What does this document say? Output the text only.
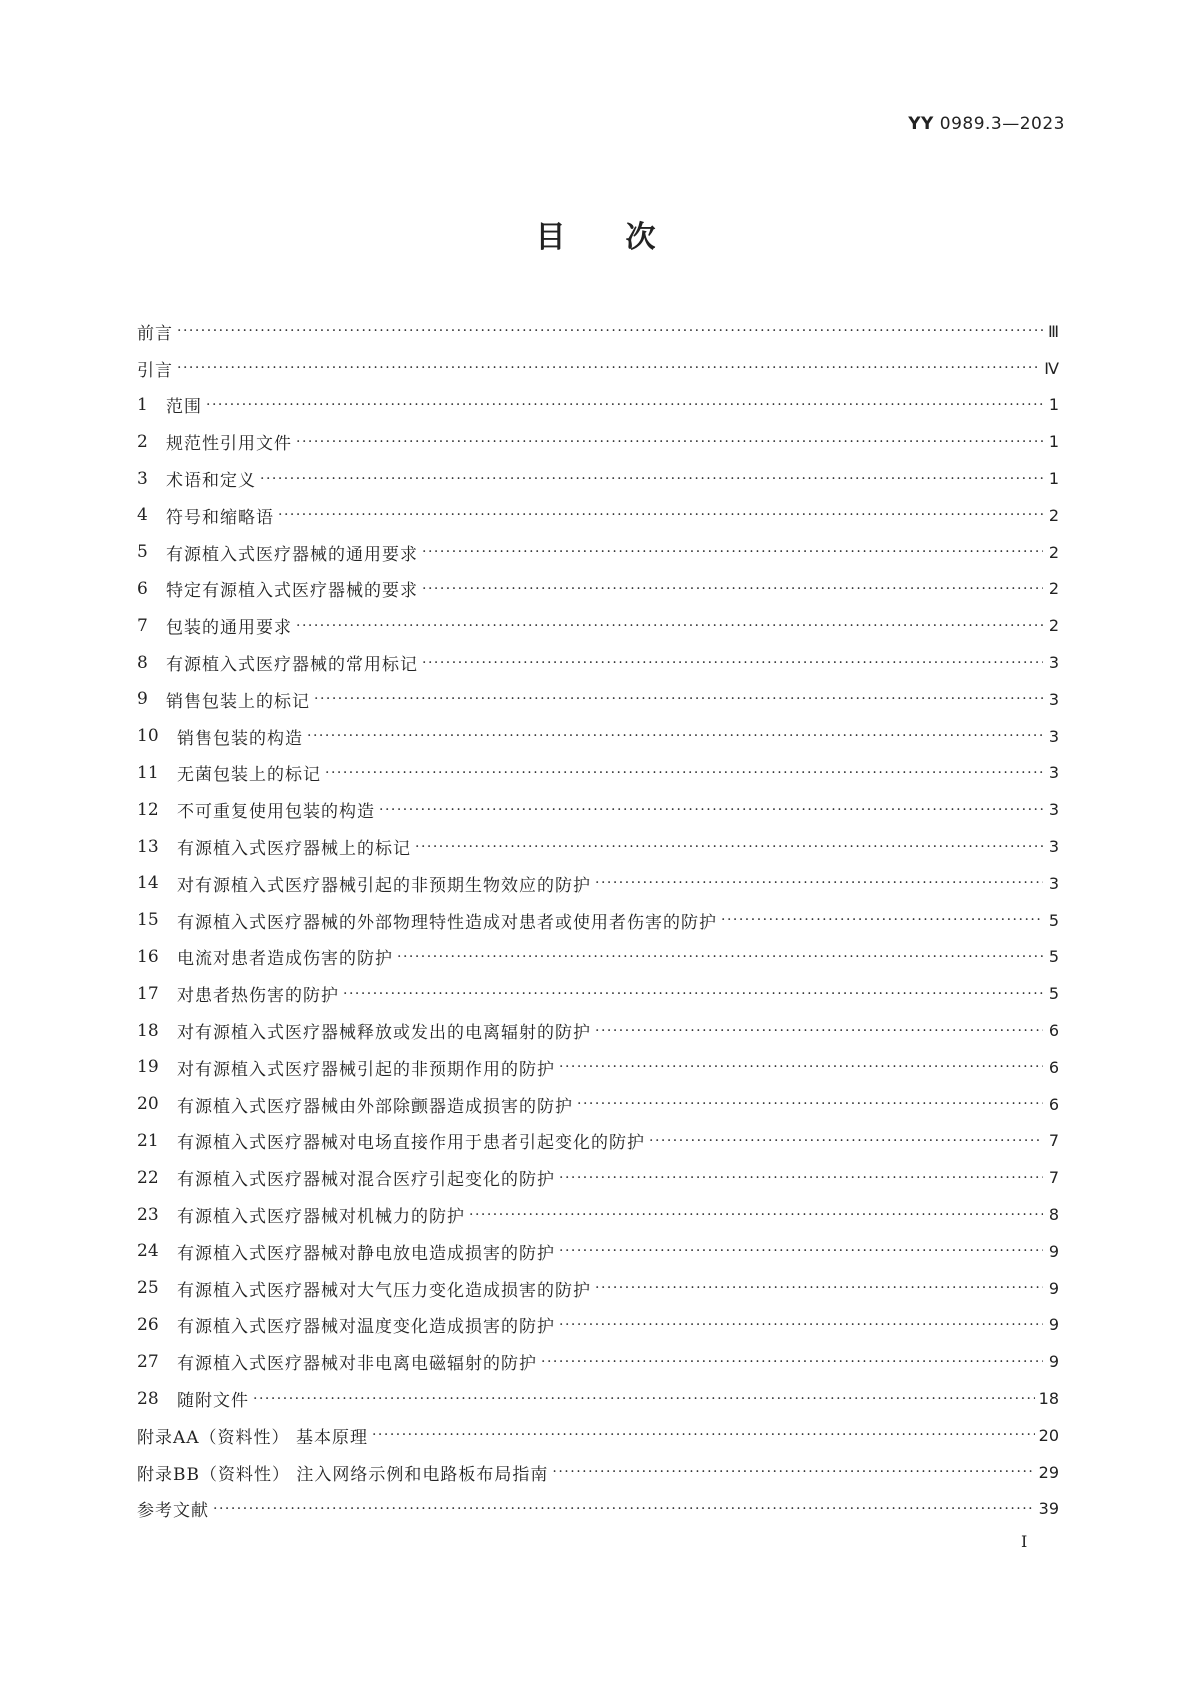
YY 0989.3—2023
目次
前言 ·····	Ⅲ
引言 ·····	Ⅳ
1	范围 ·····	1
2	规范性引用文件 ·····	1
3	术语和定义 ·····	1
4	符号和缩略语 ·····	2
5	有源植入式医疗器械的通用要求 ·····	2
6	特定有源植入式医疗器械的要求 ·····	2
7	包装的通用要求 ·····	2
8	有源植入式医疗器械的常用标记 ·····	3
9	销售包装上的标记 ·····	3
10	销售包装的构造 ·····	3
11	无菌包装上的标记 ·····	3
12	不可重复使用包装的构造 ·····	3
13	有源植入式医疗器械上的标记 ·····	3
14	对有源植入式医疗器械引起的非预期生物效应的防护 ·····	3
15	有源植入式医疗器械的外部物理特性造成对患者或使用者伤害的防护 ·····	5
16	电流对患者造成伤害的防护 ·····	5
17	对患者热伤害的防护 ·····	5
18	对有源植入式医疗器械释放或发出的电离辐射的防护 ·····	6
19	对有源植入式医疗器械引起的非预期作用的防护 ·····	6
20	有源植入式医疗器械由外部除颤器造成损害的防护 ·····	6
21	有源植入式医疗器械对电场直接作用于患者引起变化的防护 ·····	7
22	有源植入式医疗器械对混合医疗引起变化的防护 ·····	7
23	有源植入式医疗器械对机械力的防护 ·····	8
24	有源植入式医疗器械对静电放电造成损害的防护 ·····	9
25	有源植入式医疗器械对大气压力变化造成损害的防护 ·····	9
26	有源植入式医疗器械对温度变化造成损害的防护 ·····	9
27	有源植入式医疗器械对非电离电磁辐射的防护 ·····	9
28	随附文件 ·····	18
附录AA（资料性） 基本原理 ·····	20
附录BB（资料性） 注入网络示例和电路板布局指南 ·····	29
参考文献 ·····	39
Ⅰ
